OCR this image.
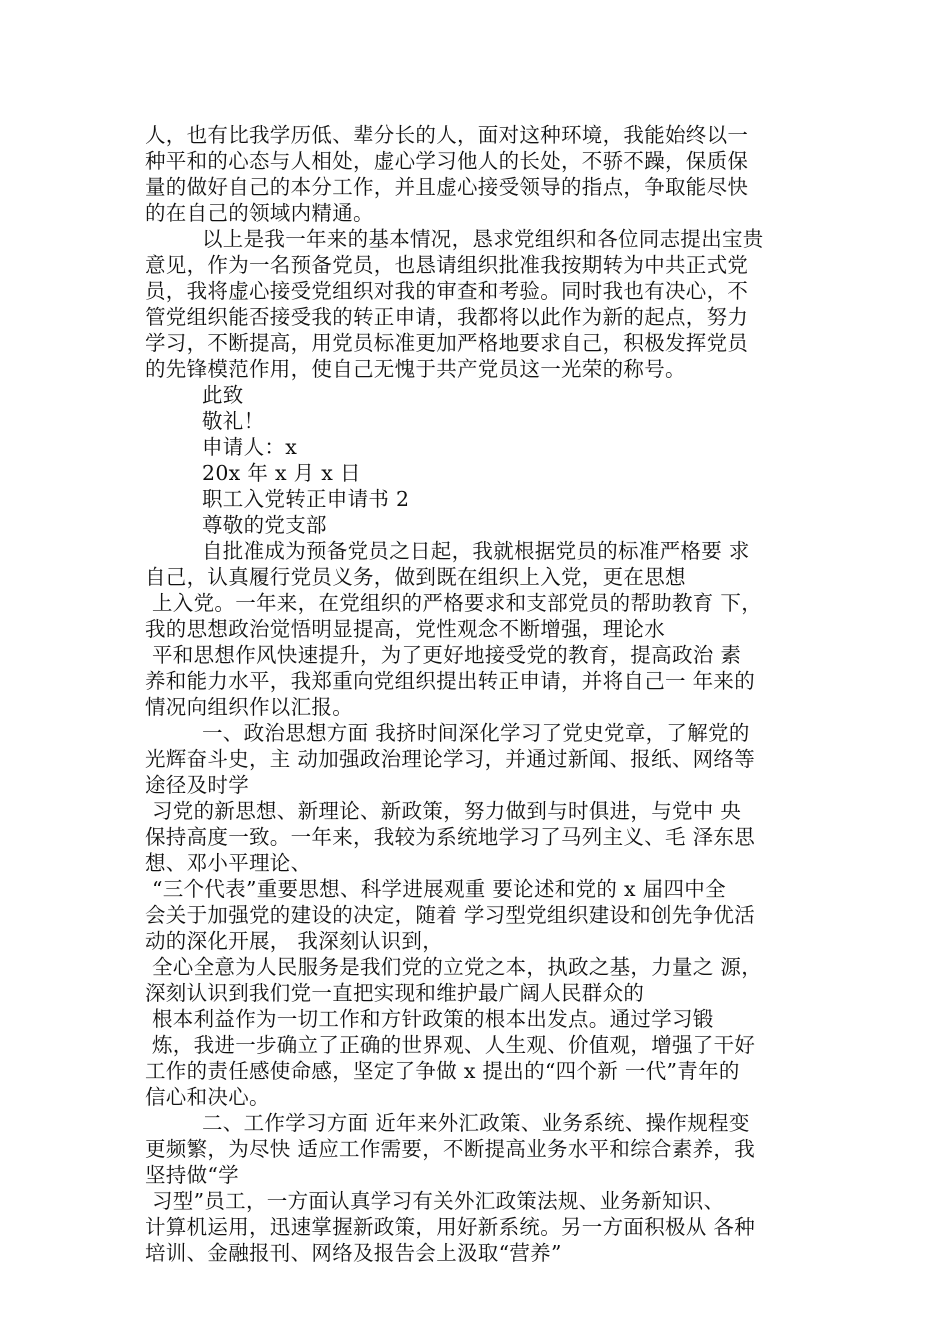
人，也有比我学历低、辈分长的人，面对这种环境，我能始终以一
种平和的心态与人相处，虚心学习他人的长处，不骄不躁，保质保
量的做好自己的本分工作，并且虚心接受领导的指点，争取能尽快
的在自己的领域内精通。
以上是我一年来的基本情况，恳求党组织和各位同志提出宝贵
意见，作为一名预备党员，也恳请组织批准我按期转为中共正式党
员，我将虚心接受党组织对我的审查和考验。同时我也有决心，不
管党组织能否接受我的转正申请，我都将以此作为新的起点，努力
学习，不断提高，用党员标准更加严格地要求自己，积极发挥党员
的先锋模范作用，使自己无愧于共产党员这一光荣的称号。
此致
敬礼！
申请人：x
20x 年 x 月 x 日
职工入党转正申请书 2
尊敬的党支部
自批准成为预备党员之日起，我就根据党员的标准严格要 求
自己，认真履行党员义务，做到既在组织上入党，更在思想
上入党。一年来，在党组织的严格要求和支部党员的帮助教育 下，
我的思想政治觉悟明显提高，党性观念不断增强，理论水
平和思想作风快速提升，为了更好地接受党的教育，提高政治 素
养和能力水平，我郑重向党组织提出转正申请，并将自己一 年来的
情况向组织作以汇报。
一、政治思想方面 我挤时间深化学习了党史党章，了解党的
光辉奋斗史，主 动加强政治理论学习，并通过新闻、报纸、网络等
途径及时学
习党的新思想、新理论、新政策，努力做到与时俱进，与党中 央
保持高度一致。一年来，我较为系统地学习了马列主义、毛 泽东思
想、邓小平理论、
“三个代表”重要思想、科学进展观重 要论述和党的 x 届四中全
会关于加强党的建设的决定，随着 学习型党组织建设和创先争优活
动的深化开展， 我深刻认识到，
全心全意为人民服务是我们党的立党之本，执政之基，力量之 源，
深刻认识到我们党一直把实现和维护最广阔人民群众的
根本利益作为一切工作和方针政策的根本出发点。通过学习锻
炼，我进一步确立了正确的世界观、人生观、价值观，增强了干好
工作的责任感使命感，坚定了争做 x 提出的“四个新 一代”青年的
信心和决心。
二、工作学习方面 近年来外汇政策、业务系统、操作规程变
更频繁，为尽快 适应工作需要，不断提高业务水平和综合素养，我
坚持做“学
习型”员工，一方面认真学习有关外汇政策法规、业务新知识、
计算机运用，迅速掌握新政策，用好新系统。另一方面积极从 各种
培训、金融报刊、网络及报告会上汲取“营养”
